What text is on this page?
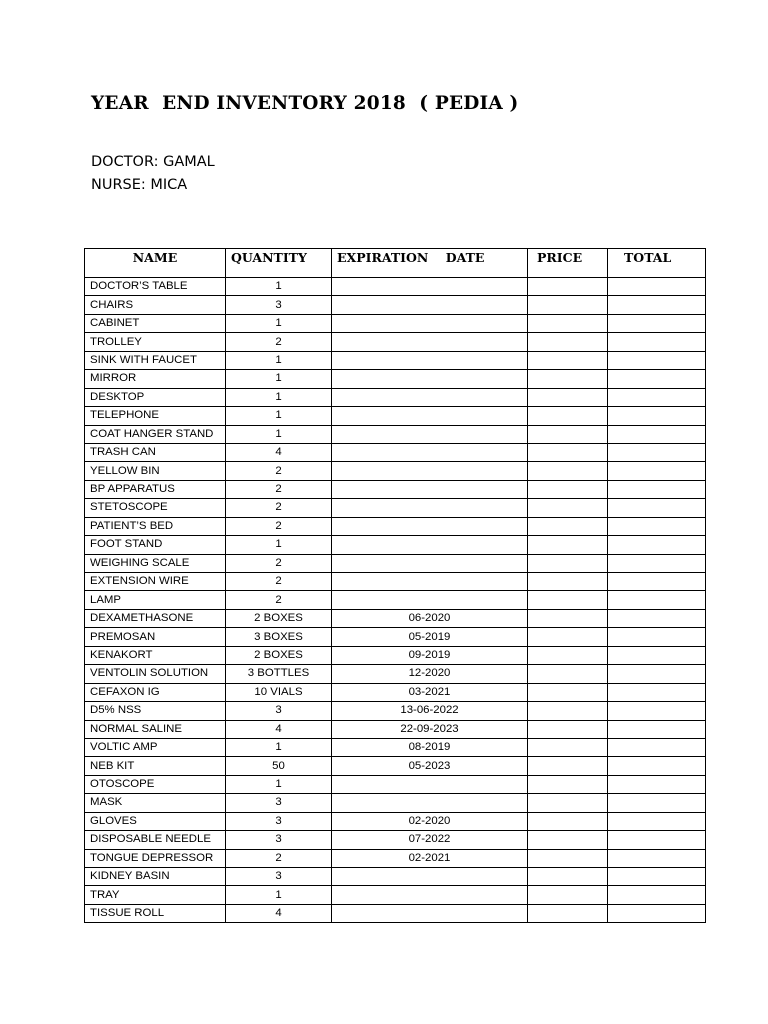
YEAR  END INVENTORY 2018  ( PEDIA )

DOCTOR: GAMAL

NURSE: MICA

NAME	QUANTITY	EXPIRATION    DATE	PRICE	TOTAL
DOCTOR’S TABLE	1			
CHAIRS	3			
CABINET	1			
TROLLEY	2			
SINK WITH FAUCET	1			
MIRROR	1			
DESKTOP	1			
TELEPHONE	1			
COAT HANGER STAND	1			
TRASH CAN	4			
YELLOW BIN	2			
BP APPARATUS	2			
STETOSCOPE	2			
PATIENT’S BED	2			
FOOT STAND	1			
WEIGHING SCALE	2			
EXTENSION WIRE	2			
LAMP	2			
DEXAMETHASONE	2 BOXES	06-2020		
PREMOSAN	3 BOXES	05-2019		
KENAKORT	2 BOXES	09-2019		
VENTOLIN SOLUTION	3 BOTTLES	12-2020		
CEFAXON IG	10 VIALS	03-2021		
D5% NSS	3	13-06-2022		
NORMAL SALINE	4	22-09-2023		
VOLTIC AMP	1	08-2019		
NEB KIT	50	05-2023		
OTOSCOPE	1			
MASK	3			
GLOVES	3	02-2020		
DISPOSABLE NEEDLE	3	07-2022		
TONGUE DEPRESSOR	2	02-2021		
KIDNEY BASIN	3			
TRAY	1			
TISSUE ROLL	4			
